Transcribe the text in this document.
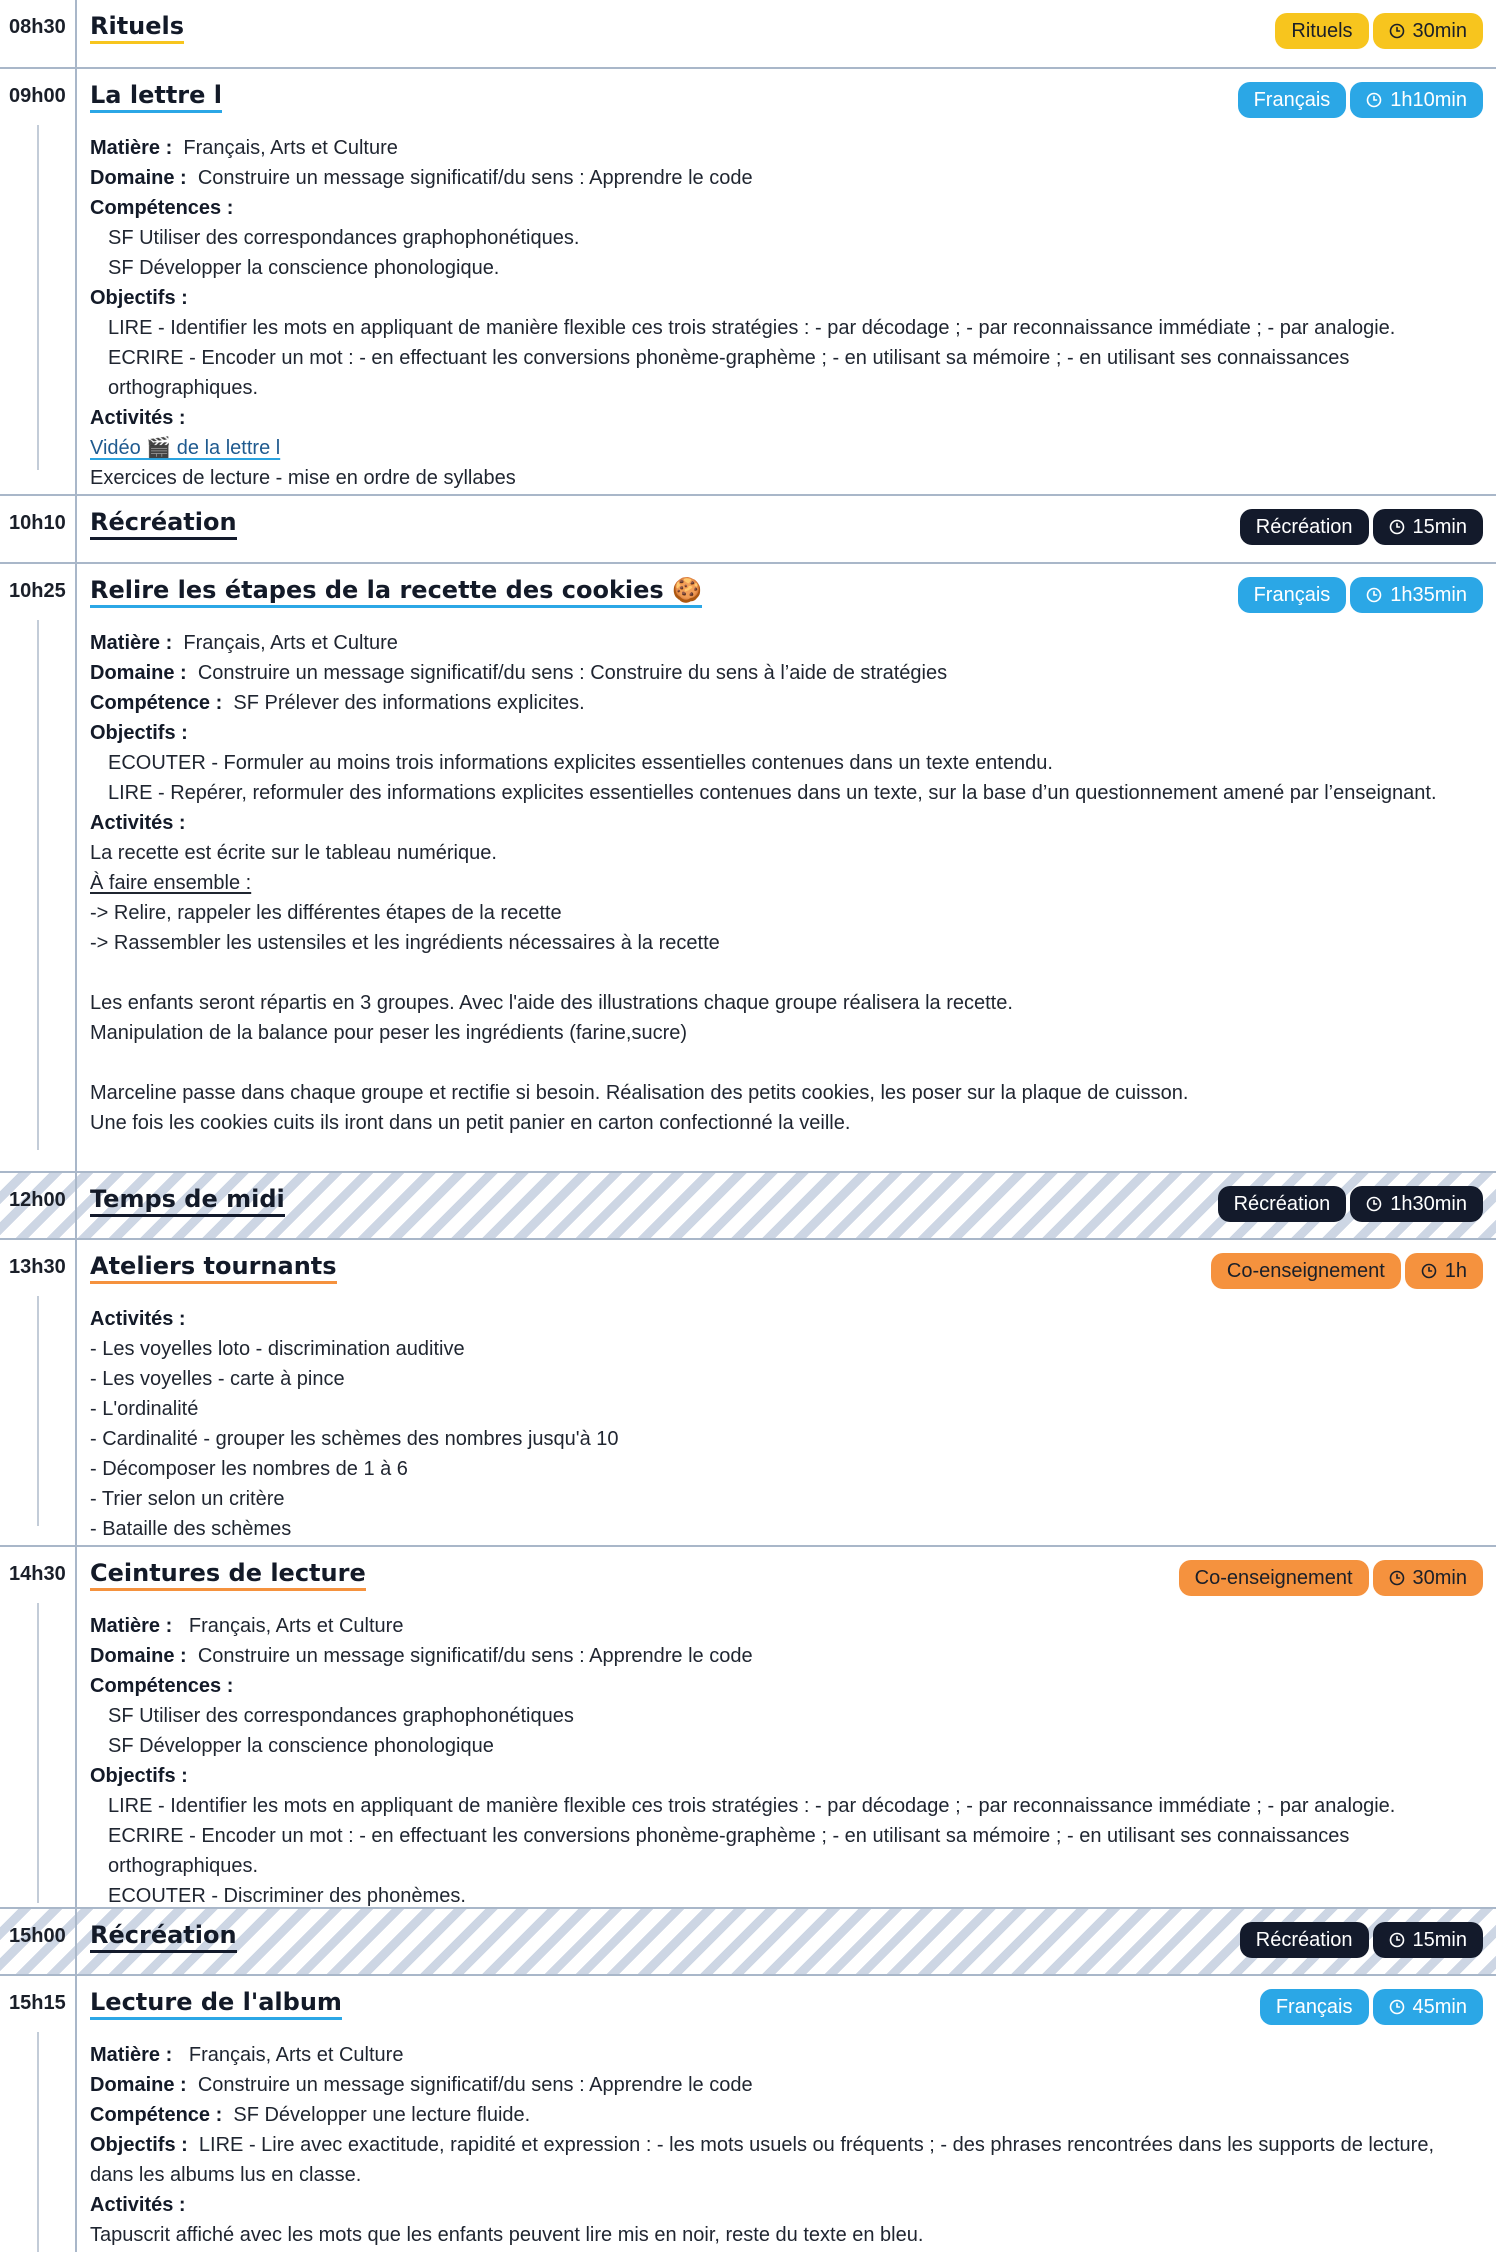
08h30 Rituels	Rituels	30min
09h00 La lettre l	Français	1h10min
Matière : Français, Arts et Culture
Domaine : Construire un message significatif/du sens : Apprendre le code
Compétences :
SF Utiliser des correspondances graphophonétiques.
SF Développer la conscience phonologique.
Objectifs :
LIRE - Identifier les mots en appliquant de manière flexible ces trois stratégies : - par décodage ; - par reconnaissance immédiate ; - par analogie.
ECRIRE - Encoder un mot : - en effectuant les conversions phonème-graphème ; - en utilisant sa mémoire ; - en utilisant ses connaissances orthographiques.
Activités :
Vidéo 🎬 de la lettre l
Exercices de lecture - mise en ordre de syllabes
10h10 Récréation	Récréation	15min
10h25 Relire les étapes de la recette des cookies 🍪	Français	1h35min
Matière : Français, Arts et Culture
Domaine : Construire un message significatif/du sens : Construire du sens à l’aide de stratégies
Compétence : SF Prélever des informations explicites.
Objectifs :
ECOUTER - Formuler au moins trois informations explicites essentielles contenues dans un texte entendu.
LIRE - Repérer, reformuler des informations explicites essentielles contenues dans un texte, sur la base d’un questionnement amené par l’enseignant.
Activités :
La recette est écrite sur le tableau numérique.
À faire ensemble :
-> Relire, rappeler les différentes étapes de la recette
-> Rassembler les ustensiles et les ingrédients nécessaires à la recette
Les enfants seront répartis en 3 groupes. Avec l'aide des illustrations chaque groupe réalisera la recette.
Manipulation de la balance pour peser les ingrédients (farine,sucre)
Marceline passe dans chaque groupe et rectifie si besoin. Réalisation des petits cookies, les poser sur la plaque de cuisson.
Une fois les cookies cuits ils iront dans un petit panier en carton confectionné la veille.
12h00 Temps de midi	Récréation	1h30min
13h30 Ateliers tournants	Co-enseignement	1h
Activités :
- Les voyelles loto - discrimination auditive
- Les voyelles - carte à pince
- L'ordinalité
- Cardinalité - grouper les schèmes des nombres jusqu'à 10
- Décomposer les nombres de 1 à 6
- Trier selon un critère
- Bataille des schèmes
14h30 Ceintures de lecture	Co-enseignement	30min
Matière : Français, Arts et Culture
Domaine : Construire un message significatif/du sens : Apprendre le code
Compétences :
SF Utiliser des correspondances graphophonétiques
SF Développer la conscience phonologique
Objectifs :
LIRE - Identifier les mots en appliquant de manière flexible ces trois stratégies : - par décodage ; - par reconnaissance immédiate ; - par analogie.
ECRIRE - Encoder un mot : - en effectuant les conversions phonème-graphème ; - en utilisant sa mémoire ; - en utilisant ses connaissances orthographiques.
ECOUTER - Discriminer des phonèmes.
15h00 Récréation	Récréation	15min
15h15 Lecture de l'album	Français	45min
Matière : Français, Arts et Culture
Domaine : Construire un message significatif/du sens : Apprendre le code
Compétence : SF Développer une lecture fluide.
Objectifs : LIRE - Lire avec exactitude, rapidité et expression : - les mots usuels ou fréquents ; - des phrases rencontrées dans les supports de lecture, dans les albums lus en classe.
Activités :
Tapuscrit affiché avec les mots que les enfants peuvent lire mis en noir, reste du texte en bleu.
